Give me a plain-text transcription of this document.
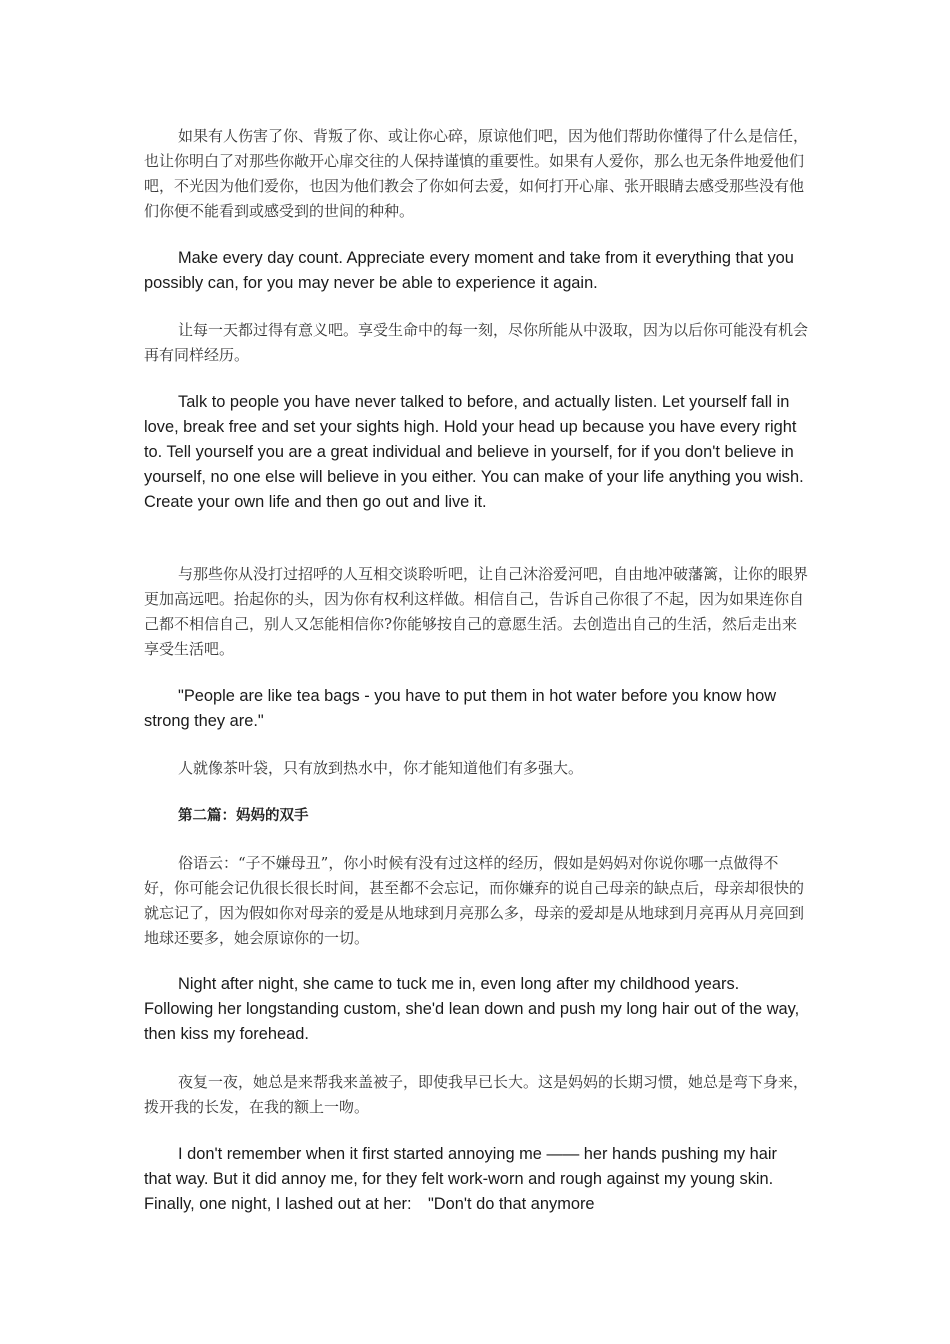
如果有人伤害了你、背叛了你、或让你心碎，原谅他们吧，因为他们帮助你懂得了什么是信任，也让你明白了对那些你敞开心扉交往的人保持谨慎的重要性。如果有人爱你，那么也无条件地爱他们吧，不光因为他们爱你，也因为他们教会了你如何去爱，如何打开心扉、张开眼睛去感受那些没有他们你便不能看到或感受到的世间的种种。

Make every day count. Appreciate every moment and take from it everything that you possibly can, for you may never be able to experience it again.

让每一天都过得有意义吧。享受生命中的每一刻，尽你所能从中汲取，因为以后你可能没有机会再有同样经历。

Talk to people you have never talked to before, and actually listen. Let yourself fall in love, break free and set your sights high. Hold your head up because you have every right to. Tell yourself you are a great individual and believe in yourself, for if you don't believe in yourself, no one else will believe in you either. You can make of your life anything you wish. Create your own life and then go out and live it.

与那些你从没打过招呼的人互相交谈聆听吧，让自己沐浴爱河吧，自由地冲破藩篱，让你的眼界更加高远吧。抬起你的头，因为你有权利这样做。相信自己，告诉自己你很了不起，因为如果连你自己都不相信自己，别人又怎能相信你?你能够按自己的意愿生活。去创造出自己的生活，然后走出来享受生活吧。

"People are like tea bags - you have to put them in hot water before you know how strong they are."

人就像茶叶袋，只有放到热水中，你才能知道他们有多强大。

第二篇：妈妈的双手

俗语云：“子不嫌母丑”，你小时候有没有过这样的经历，假如是妈妈对你说你哪一点做得不好，你可能会记仇很长很长时间，甚至都不会忘记，而你嫌弃的说自己母亲的缺点后，母亲却很快的就忘记了，因为假如你对母亲的爱是从地球到月亮那么多，母亲的爱却是从地球到月亮再从月亮回到地球还要多，她会原谅你的一切。

Night after night, she came to tuck me in, even long after my childhood years. Following her longstanding custom, she'd lean down and push my long hair out of the way, then kiss my forehead.

夜复一夜，她总是来帮我来盖被子，即使我早已长大。这是妈妈的长期习惯，她总是弯下身来，拨开我的长发，在我的额上一吻。

I don't remember when it first started annoying me —— her hands pushing my hair that way. But it did annoy me, for they felt work-worn and rough against my young skin. Finally, one night, I lashed out at her:　"Don't do that anymore
